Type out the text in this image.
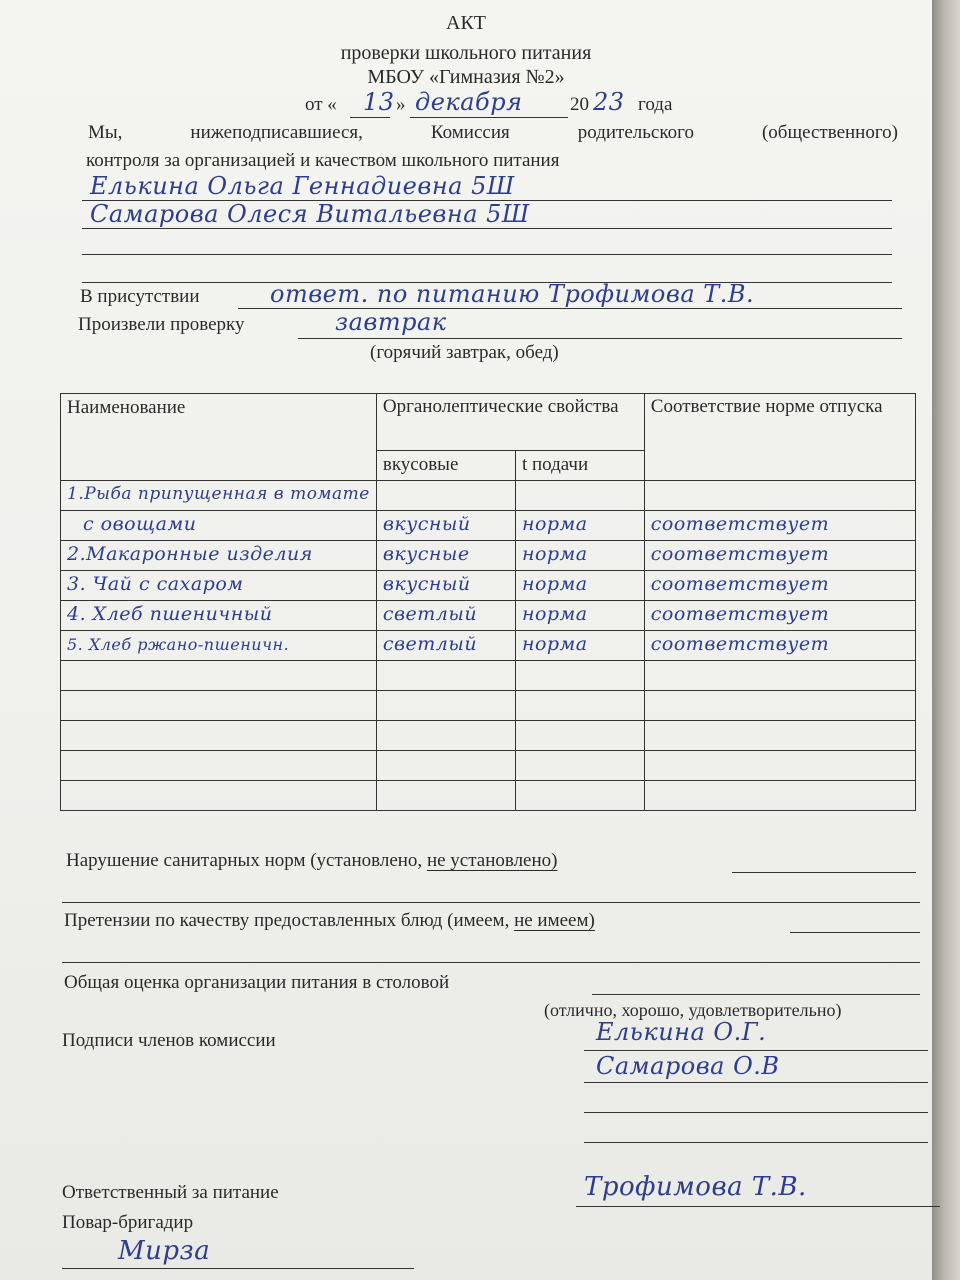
АКТ
проверки школьного питания
МБОУ «Гимназия №2»
от « 13 » декабря	20 23 года
Мы, нижеподписавшиеся, Комиссия родительского (общественного)
контроля за организацией и качеством школьного питания
Елькина Ольга Геннадиевна 5Ш
Самарова Олеся Витальевна 5Ш
В присутствии	ответ. по питанию Трофимова Т.В.
Произвели проверку	завтрак
(горячий завтрак, обед)
Наименование	Органолептические свойства		Соответствие норме отпуска
	вкусовые	t подачи	
1.Рыба припущенная в томате			
с овощами	вкусный	норма	соответствует
2.Макаронные изделия	вкусные	норма	соответствует
3. Чай с сахаром	вкусный	норма	соответствует
4. Хлеб пшеничный	светлый	норма	соответствует
5. Хлеб ржано-пшеничн.	светлый	норма	соответствует

Нарушение санитарных норм (установлено, не установлено)
Претензии по качеству предоставленных блюд (имеем, не имеем)
Общая оценка организации питания в столовой
(отлично, хорошо, удовлетворительно)
Подписи членов комиссии	Елькина О.Г.
Самарова О.В
Ответственный за питание	Трофимова Т.В.
Повар-бригадир
Мирза
